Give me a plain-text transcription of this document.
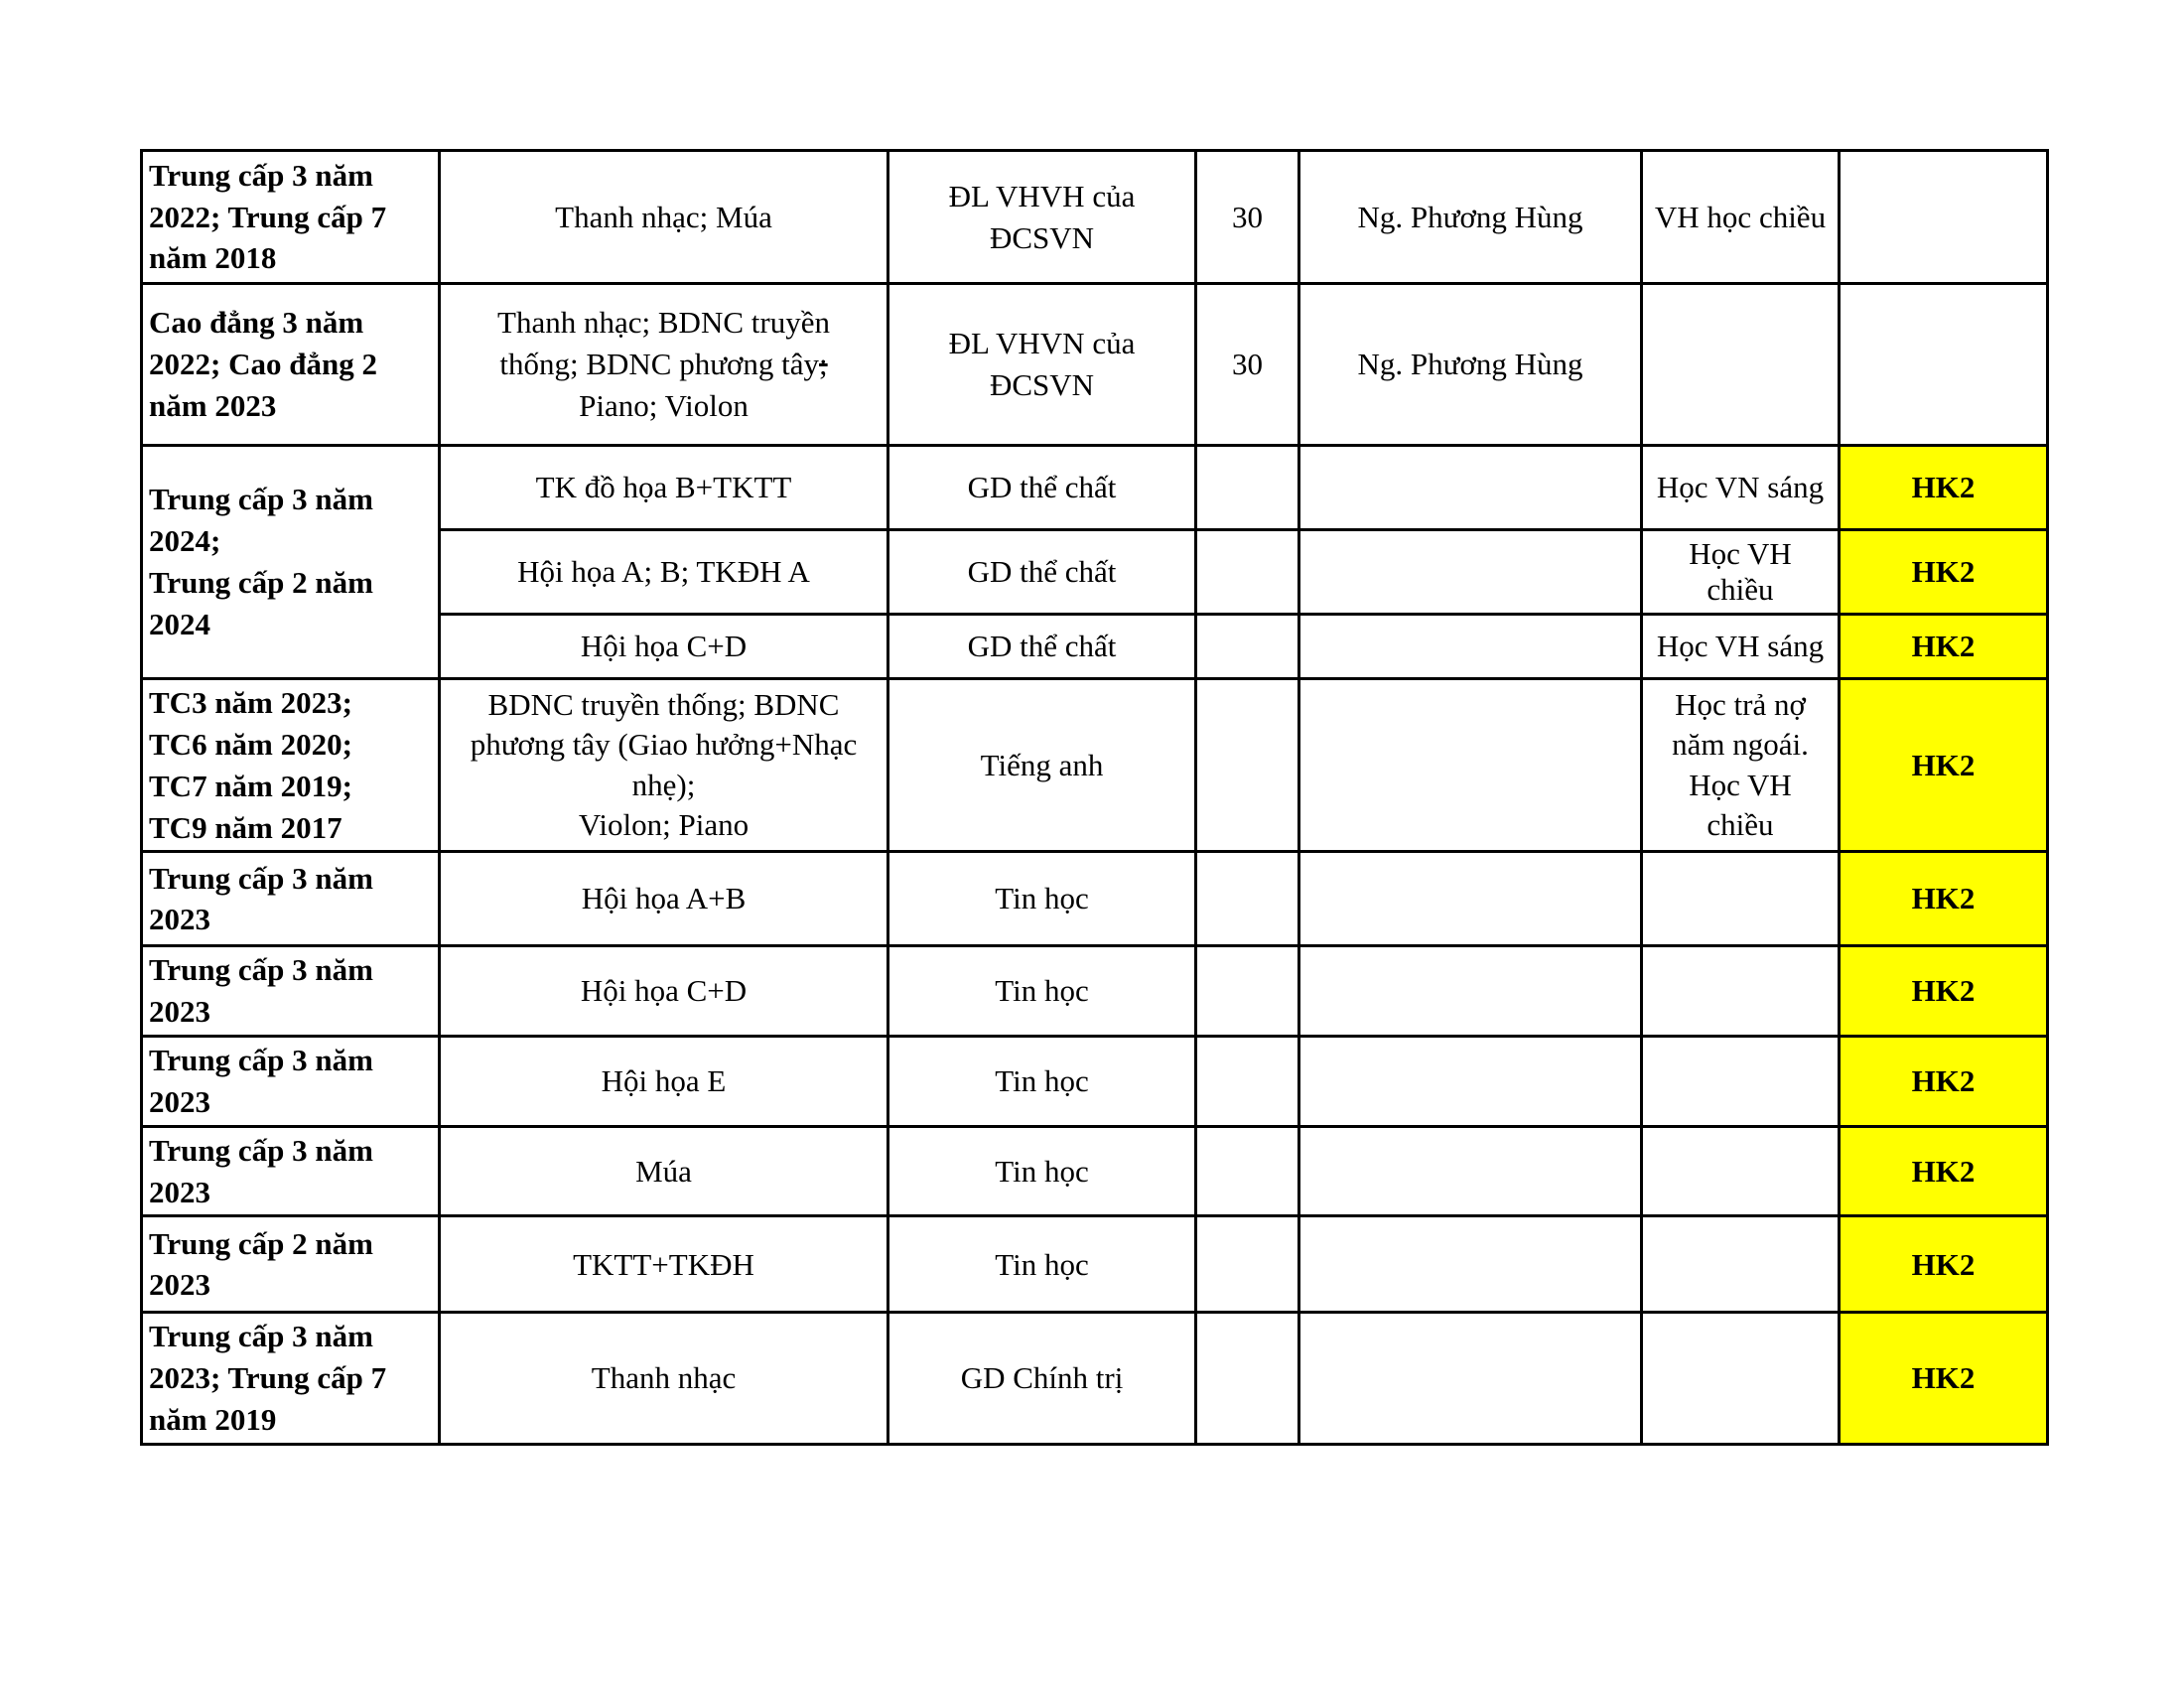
Trung cấp 3 năm
2022; Trung cấp 7
năm 2018	Thanh nhạc; Múa	ĐL VHVH của
ĐCSVN	30	Ng. Phương Hùng	VH học chiều	

Cao đẳng 3 năm
2022; Cao đẳng 2
năm 2023	Thanh nhạc; BDNC truyền
thống; BDNC phương tây;
Piano; Violon	ĐL VHVN của
ĐCSVN	30	Ng. Phương Hùng		

Trung cấp 3 năm
2024;
Trung cấp 2 năm
2024	TK đồ họa B+TKTT	GD thể chất			Học VN sáng	HK2
	Hội họa A; B; TKĐH A	GD thể chất			Học VH
chiều	HK2
	Hội họa C+D	GD thể chất			Học VH sáng	HK2

TC3 năm 2023;
TC6 năm 2020;
TC7 năm 2019;
TC9 năm 2017	BDNC truyền thống; BDNC
phương tây (Giao hưởng+Nhạc
nhẹ);
Violon; Piano	Tiếng anh			Học trả nợ
năm ngoái.
Học VH
chiều	HK2

Trung cấp 3 năm
2023	Hội họa A+B	Tin học				HK2

Trung cấp 3 năm
2023	Hội họa C+D	Tin học				HK2

Trung cấp 3 năm
2023	Hội họa E	Tin học				HK2

Trung cấp 3 năm
2023	Múa	Tin học				HK2

Trung cấp 2 năm
2023	TKTT+TKĐH	Tin học				HK2

Trung cấp 3 năm
2023; Trung cấp 7
năm 2019	Thanh nhạc	GD Chính trị				HK2
